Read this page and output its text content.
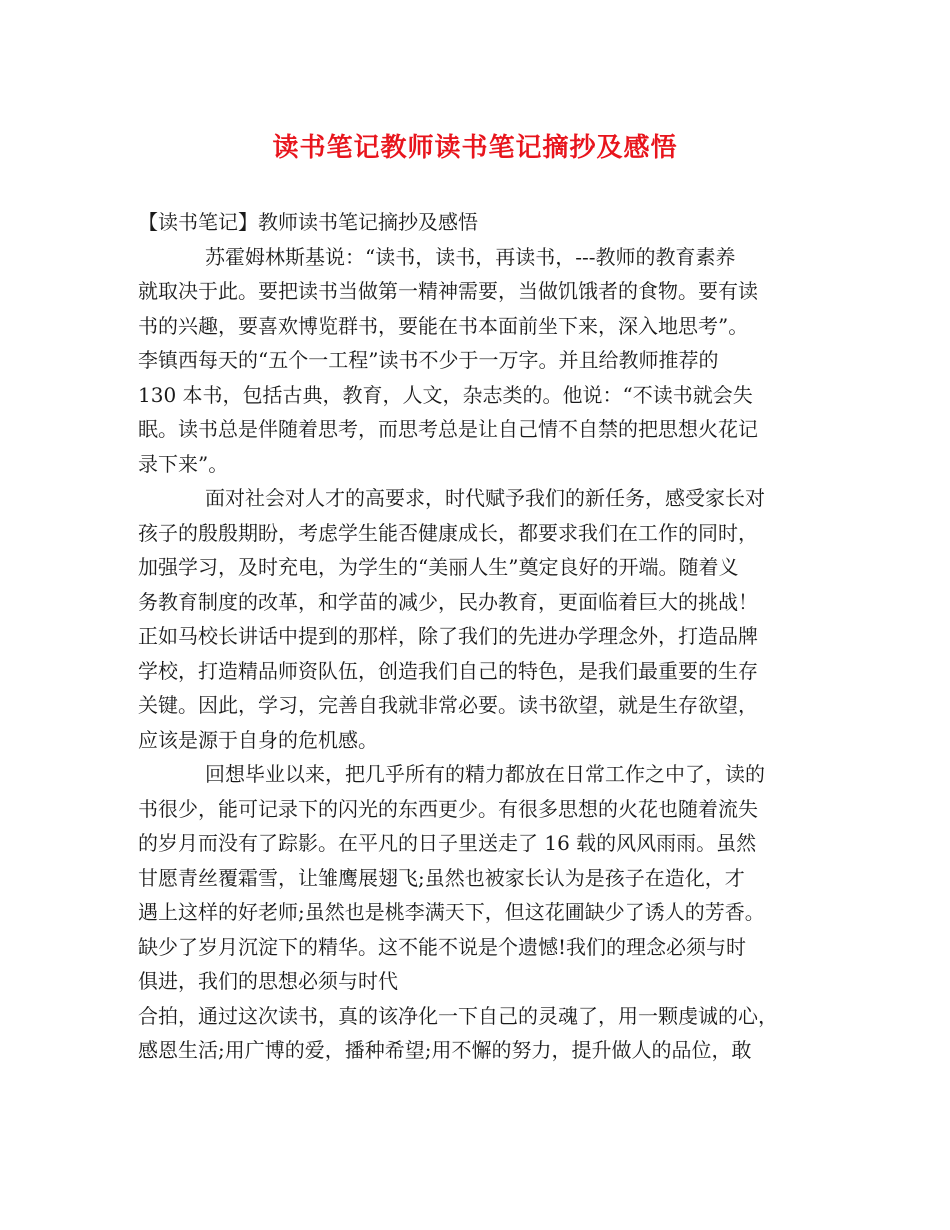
读书笔记教师读书笔记摘抄及感悟
【读书笔记】教师读书笔记摘抄及感悟
苏霍姆林斯基说：“读书，读书，再读书，---教师的教育素养
就取决于此。要把读书当做第一精神需要，当做饥饿者的食物。要有读
书的兴趣，要喜欢博览群书，要能在书本面前坐下来，深入地思考”。
李镇西每天的“五个一工程”读书不少于一万字。并且给教师推荐的
130 本书，包括古典，教育，人文，杂志类的。他说：“不读书就会失
眠。读书总是伴随着思考，而思考总是让自己情不自禁的把思想火花记
录下来”。
面对社会对人才的高要求，时代赋予我们的新任务，感受家长对
孩子的殷殷期盼，考虑学生能否健康成长，都要求我们在工作的同时，
加强学习，及时充电，为学生的“美丽人生”奠定良好的开端。随着义
务教育制度的改革，和学苗的减少，民办教育，更面临着巨大的挑战！
正如马校长讲话中提到的那样，除了我们的先进办学理念外，打造品牌
学校，打造精品师资队伍，创造我们自己的特色，是我们最重要的生存
关键。因此，学习，完善自我就非常必要。读书欲望，就是生存欲望，
应该是源于自身的危机感。
回想毕业以来，把几乎所有的精力都放在日常工作之中了，读的
书很少，能可记录下的闪光的东西更少。有很多思想的火花也随着流失
的岁月而没有了踪影。在平凡的日子里送走了 16 载的风风雨雨。虽然
甘愿青丝覆霜雪，让雏鹰展翅飞;虽然也被家长认为是孩子在造化，才
遇上这样的好老师;虽然也是桃李满天下，但这花圃缺少了诱人的芳香。
缺少了岁月沉淀下的精华。这不能不说是个遗憾!我们的理念必须与时
俱进，我们的思想必须与时代
合拍，通过这次读书，真的该净化一下自己的灵魂了，用一颗虔诚的心，
感恩生活;用广博的爱，播种希望;用不懈的努力，提升做人的品位，敢
